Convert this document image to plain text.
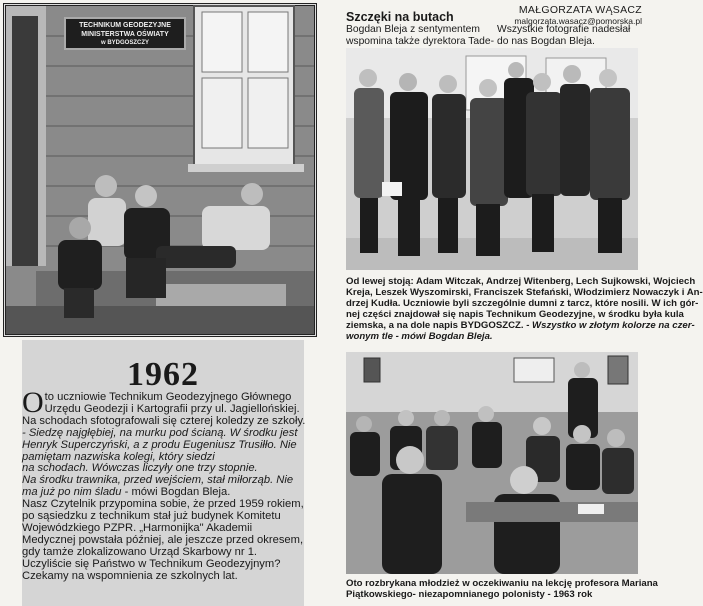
MAŁGORZATA WĄSACZ
malgorzata.wasacz@pomorska.pl
Szczęki na butach
Bogdan Bleja z sentymentem
wspomina także dyrektora Tade-
Wszystkie fotografie nadesłał
do nas Bogdan Bleja.
TECHNIKUM GEODEZYJNE
MINISTERSTWA OŚWIATY
w BYDGOSZCZY
1962

Oto uczniowie Technikum Geodezyjnego Głównego
Urzędu Geodezji i Kartografii przy ul. Jagiellońskiej.
Na schodach sfotografowali się czterej koledzy ze szkoły.
- Siedzę najgłębiej, na murku pod ścianą. W środku jest
Henryk Superczyński, a z produ Eugeniusz Trusiłło. Nie
pamiętam nazwiska kolegi, który siedzi
na schodach. Wówczas liczyły one trzy stopnie.
Na środku trawnika, przed wejściem, stał miłorząb. Nie
ma już po nim śladu - mówi Bogdan Bleja.
Nasz Czytelnik przypomina sobie, że przed 1959 rokiem,
po sąsiedzku z technikum stał już budynek Komitetu
Wojewódzkiego PZPR. „Harmonijka" Akademii
Medycznej powstała później, ale jeszcze przed okresem,
gdy tamże zlokalizowano Urząd Skarbowy nr 1.
Uczyliście się Państwo w Technikum Geodezyjnym?
Czekamy na wspomnienia ze szkolnych lat.

Od lewej stoją: Adam Witczak, Andrzej Witenberg, Lech Sujkowski, Wojciech
Kreja, Leszek Wyszomirski, Franciszek Stefański, Włodzimierz Nowaczyk i An-
drzej Kudła. Uczniowie byli szczególnie dumni z tarcz, które nosili. W ich gór-
nej części znajdował się napis Technikum Geodezyjne, w środku była kula
ziemska, a na dole napis BYDGOSZCZ. - Wszystko w złotym kolorze na czer-
wonym tle - mówi Bogdan Bleja.
Oto rozbrykana młodzież w oczekiwaniu na lekcję profesora Mariana
Piątkowskiego- niezapomnianego polonisty - 1963 rok
